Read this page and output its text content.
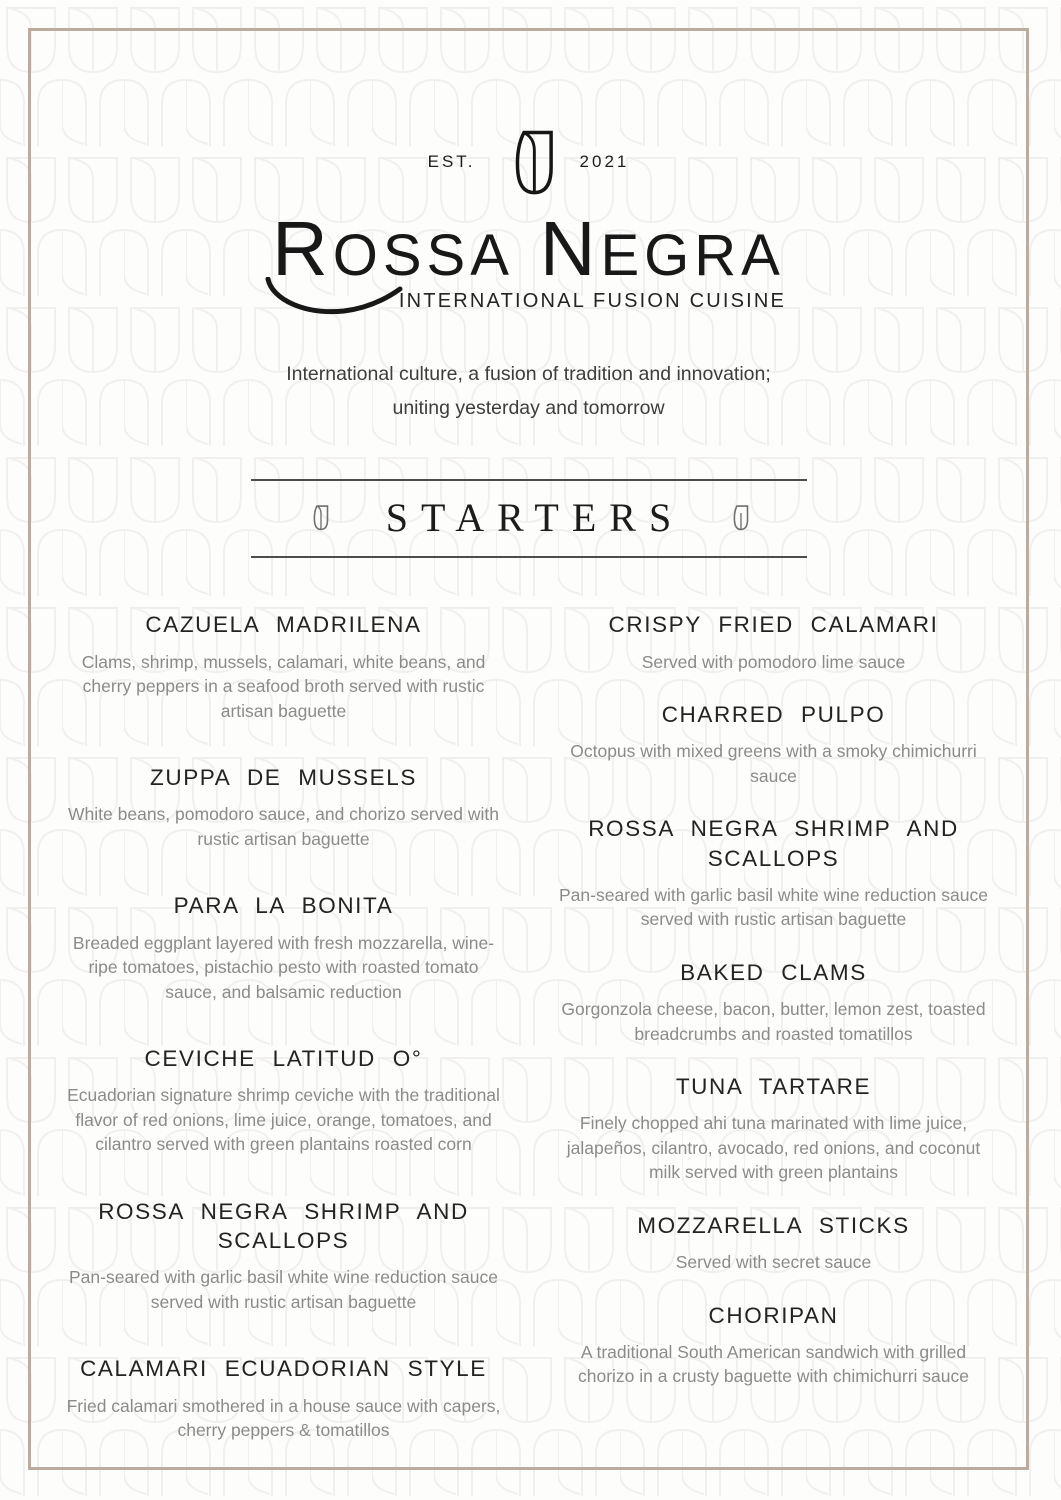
EST.	2021
R OSSA N EGRA
INTERNATIONAL FUSION CUISINE
International culture, a fusion of tradition and innovation;
uniting yesterday and tomorrow
STARTERS
CAZUELA MADRILENA
Clams, shrimp, mussels, calamari, white beans, and cherry peppers in a seafood broth served with rustic artisan baguette
ZUPPA DE MUSSELS
White beans, pomodoro sauce, and chorizo served with rustic artisan baguette
PARA LA BONITA
Breaded eggplant layered with fresh mozzarella, wine-ripe tomatoes, pistachio pesto with roasted tomato sauce, and balsamic reduction
CEVICHE LATITUD O°
Ecuadorian signature shrimp ceviche with the traditional flavor of red onions, lime juice, orange, tomatoes, and cilantro served with green plantains roasted corn
ROSSA NEGRA SHRIMP AND SCALLOPS
Pan-seared with garlic basil white wine reduction sauce served with rustic artisan baguette
CALAMARI ECUADORIAN STYLE
Fried calamari smothered in a house sauce with capers, cherry peppers & tomatillos
CRISPY FRIED CALAMARI
Served with pomodoro lime sauce
CHARRED PULPO
Octopus with mixed greens with a smoky chimichurri sauce
ROSSA NEGRA SHRIMP AND SCALLOPS
Pan-seared with garlic basil white wine reduction sauce served with rustic artisan baguette
BAKED CLAMS
Gorgonzola cheese, bacon, butter, lemon zest, toasted breadcrumbs and roasted tomatillos
TUNA TARTARE
Finely chopped ahi tuna marinated with lime juice, jalapeños, cilantro, avocado, red onions, and coconut milk served with green plantains
MOZZARELLA STICKS
Served with secret sauce
CHORIPAN
A traditional South American sandwich with grilled chorizo in a crusty baguette with chimichurri sauce
